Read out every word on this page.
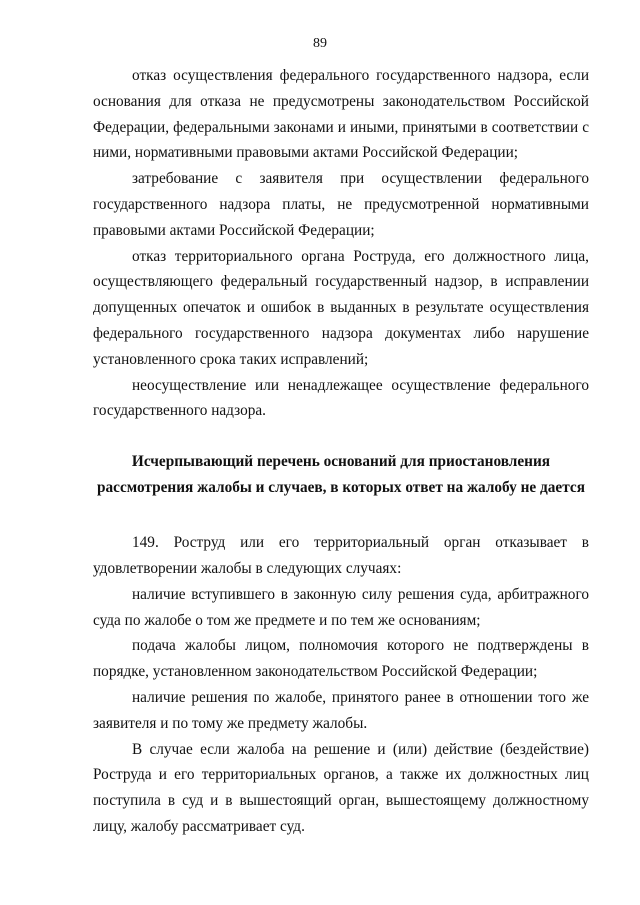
89

отказ осуществления федерального государственного надзора, если основания для отказа не предусмотрены законодательством Российской Федерации, федеральными законами и иными, принятыми в соответствии с ними, нормативными правовыми актами Российской Федерации;

затребование с заявителя при осуществлении федерального государственного надзора платы, не предусмотренной нормативными правовыми актами Российской Федерации;

отказ территориального органа Роструда, его должностного лица, осуществляющего федеральный государственный надзор, в исправлении допущенных опечаток и ошибок в выданных в результате осуществления федерального государственного надзора документах либо нарушение установленного срока таких исправлений;

неосуществление или ненадлежащее осуществление федерального государственного надзора.

Исчерпывающий перечень оснований для приостановления
рассмотрения жалобы и случаев, в которых ответ на жалобу не дается

149. Роструд или его территориальный орган отказывает в удовлетворении жалобы в следующих случаях:

наличие вступившего в законную силу решения суда, арбитражного суда по жалобе о том же предмете и по тем же основаниям;

подача жалобы лицом, полномочия которого не подтверждены в порядке, установленном законодательством Российской Федерации;

наличие решения по жалобе, принятого ранее в отношении того же заявителя и по тому же предмету жалобы.

В случае если жалоба на решение и (или) действие (бездействие) Роструда и его территориальных органов, а также их должностных лиц поступила в суд и в вышестоящий орган, вышестоящему должностному лицу, жалобу рассматривает суд.
